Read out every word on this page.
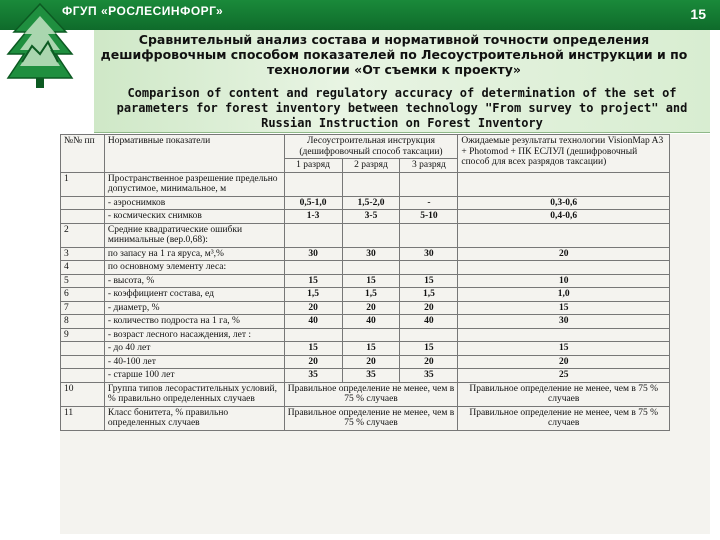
ФГУП «РОСЛЕСИНФОРГ»	15
Сравнительный анализ состава и нормативной точности определения дешифровочным способом показателей по Лесоустроительной инструкции и по технологии «От съемки к проекту»
Comparison of content and regulatory accuracy of determination of the set of parameters for forest inventory between technology "From survey to project" and Russian Instruction on Forest Inventory
№№ пп	Нормативные показатели	Лесоустроительная инструкция (дешифровочный способ таксации)			Ожидаемые результаты технологии VisionMap A3 + Photomod + ПК ЕСЛУЛ (дешифровочный способ для всех разрядов таксации)
		1 разряд	2 разряд	3 разряд	
1	Пространственное разрешение предельно допустимое, минимальное, м				
	- аэроснимков	0,5-1,0	1,5-2,0	-	0,3-0,6
	- космических снимков	1-3	3-5	5-10	0,4-0,6
2	Средние квадратические ошибки минимальные (вер.0,68):				
3	по запасу на 1 га яруса, м³,%	30	30	30	20
4	по основному элементу леса:				
5	- высота, %	15	15	15	10
6	- коэффициент состава, ед	1,5	1,5	1,5	1,0
7	- диаметр, %	20	20	20	15
8	- количество подроста на 1 га, %	40	40	40	30
9	- возраст лесного насаждения, лет :				
	- до 40 лет	15	15	15	15
	- 40-100 лет	20	20	20	20
	- старше 100 лет	35	35	35	25
10	Группа типов лесорастительных условий, % правильно определенных случаев	Правильное определение не менее, чем в 75 % случаев			Правильное определение не менее, чем в 75 % случаев
11	Класс бонитета, % правильно определенных случаев	Правильное определение не менее, чем в 75 % случаев			Правильное определение не менее, чем в 75 % случаев
